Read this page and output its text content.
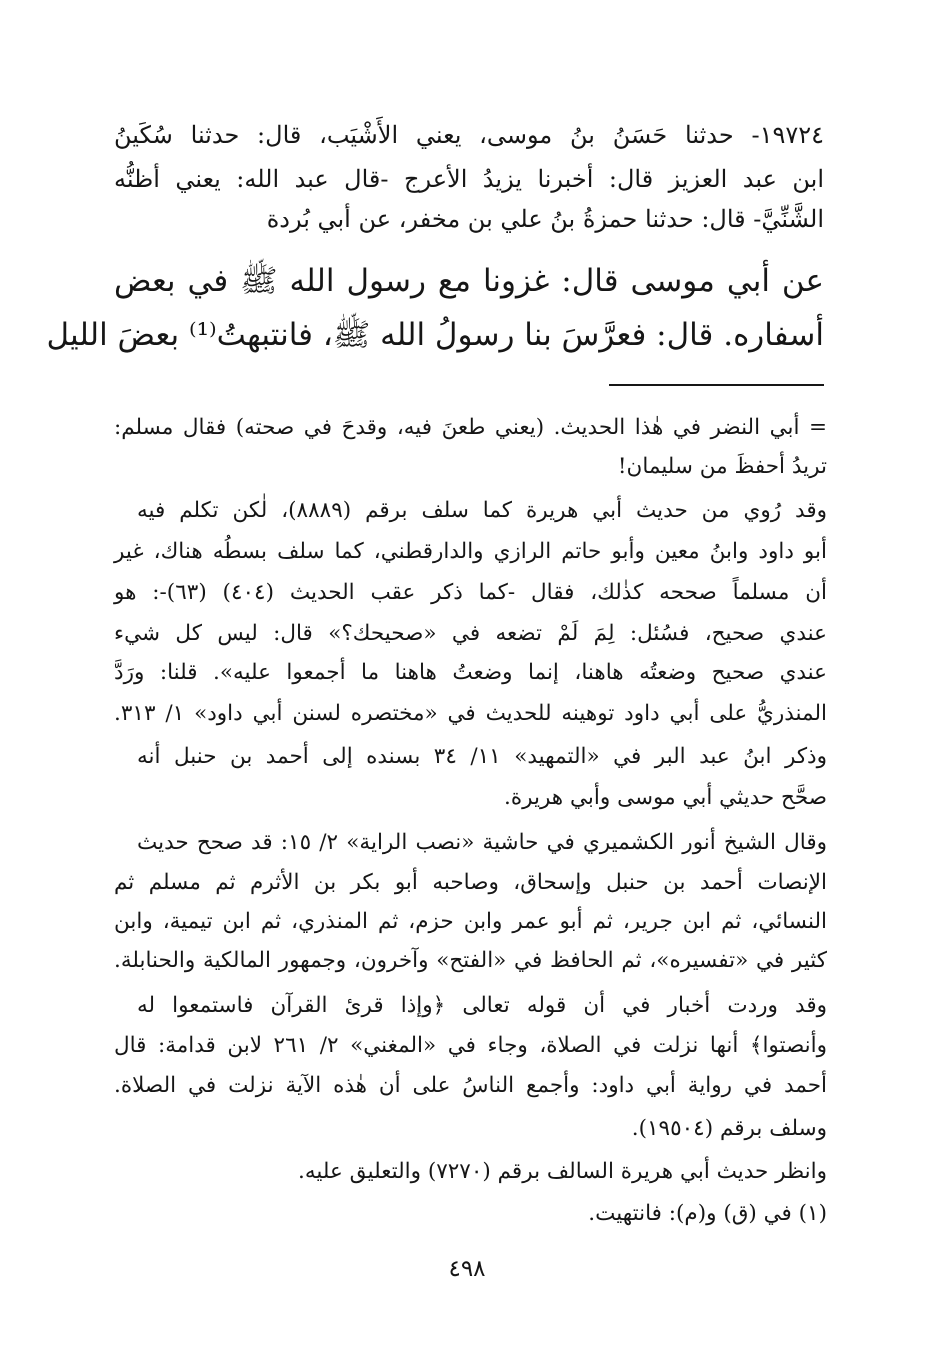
١٩٧٢٤- حدثنا حَسَنُ بنُ موسى، يعني الأَشْيَب، قال: حدثنا سُكَينُ
ابن عبد العزيز قال: أخبرنا يزيدُ الأعرج -قال عبد الله: يعني أظنُّه
الشَّنِّيَّ- قال: حدثنا حمزةُ بنُ علي بن مخفر، عن أبي بُردة
عن أبي موسى قال: غزونا مع رسول الله ﷺ في بعض
أسفاره. قال: فعرَّسَ بنا رسولُ الله ﷺ، فانتبهتُ⁽¹⁾ بعضَ الليل
= أبي النضر في هٰذا الحديث. (يعني طعنَ فيه، وقدحَ في صحته) فقال مسلم:
تريدُ أحفظَ من سليمان!
وقد رُوي من حديث أبي هريرة كما سلف برقم (٨٨٨٩)، لٰكن تكلم فيه
أبو داود وابنُ معين وأبو حاتم الرازي والدارقطني، كما سلف بسطُه هناك، غير
أن مسلماً صححه كذٰلك، فقال -كما ذكر عقب الحديث (٤٠٤) (٦٣)-: هو
عندي صحيح، فسُئل: لِمَ لَمْ تضعه في «صحيحك؟» قال: ليس كل شيء
عندي صحيح وضعتُه هاهنا، إنما وضعتُ هاهنا ما أجمعوا عليه». قلنا: ورَدَّ
المنذريُّ على أبي داود توهينه للحديث في «مختصره لسنن أبي داود» ١/ ٣١٣.
وذكر ابنُ عبد البر في «التمهيد» ١١/ ٣٤ بسنده إلى أحمد بن حنبل أنه
صحَّح حديثي أبي موسى وأبي هريرة.
وقال الشيخ أنور الكشميري في حاشية «نصب الراية» ٢/ ١٥: قد صحح حديث
الإنصات أحمد بن حنبل وإسحاق، وصاحبه أبو بكر بن الأثرم ثم مسلم ثم
النسائي، ثم ابن جرير، ثم أبو عمر وابن حزم، ثم المنذري، ثم ابن تيمية، وابن
كثير في «تفسيره»، ثم الحافظ في «الفتح» وآخرون، وجمهور المالكية والحنابلة.
وقد وردت أخبار في أن قوله تعالى ﴿وإذا قرئ القرآن فاستمعوا له
وأنصتوا﴾ أنها نزلت في الصلاة، وجاء في «المغني» ٢/ ٢٦١ لابن قدامة: قال
أحمد في رواية أبي داود: وأجمع الناسُ على أن هٰذه الآية نزلت في الصلاة.
وسلف برقم (١٩٥٠٤).
وانظر حديث أبي هريرة السالف برقم (٧٢٧٠) والتعليق عليه.
(١) في (ق) و(م): فانتهيت.
٤٩٨
